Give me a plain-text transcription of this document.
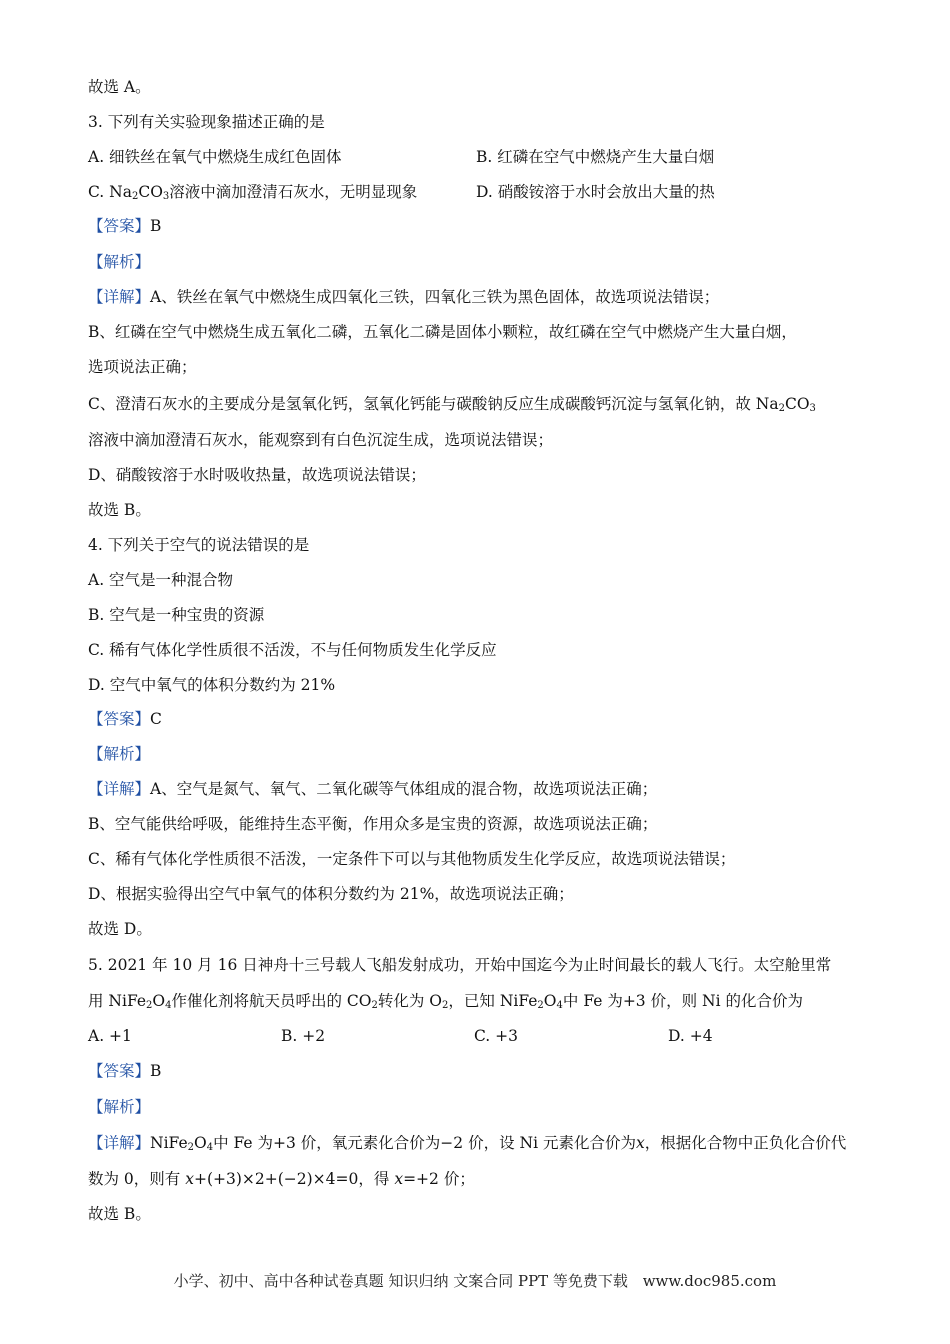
故选 A。
3. 下列有关实验现象描述正确的是
A. 细铁丝在氧气中燃烧生成红色固体	B. 红磷在空气中燃烧产生大量白烟
C. $Na_2CO_3$溶液中滴加澄清石灰水，无明显现象	D. 硝酸铵溶于水时会放出大量的热
【答案】B
【解析】
【详解】A、铁丝在氧气中燃烧生成四氧化三铁，四氧化三铁为黑色固体，故选项说法错误；
B、红磷在空气中燃烧生成五氧化二磷，五氧化二磷是固体小颗粒，故红磷在空气中燃烧产生大量白烟，
选项说法正确；
C、澄清石灰水的主要成分是氢氧化钙，氢氧化钙能与碳酸钠反应生成碳酸钙沉淀与氢氧化钠，故 $Na_2CO_3$
溶液中滴加澄清石灰水，能观察到有白色沉淀生成，选项说法错误；
D、硝酸铵溶于水时吸收热量，故选项说法错误；
故选 B。
4. 下列关于空气的说法错误的是
A. 空气是一种混合物
B. 空气是一种宝贵的资源
C. 稀有气体化学性质很不活泼，不与任何物质发生化学反应
D. 空气中氧气的体积分数约为 21%
【答案】C
【解析】
【详解】A、空气是氮气、氧气、二氧化碳等气体组成的混合物，故选项说法正确；
B、空气能供给呼吸，能维持生态平衡，作用众多是宝贵的资源，故选项说法正确；
C、稀有气体化学性质很不活泼，一定条件下可以与其他物质发生化学反应，故选项说法错误；
D、根据实验得出空气中氧气的体积分数约为 21%，故选项说法正确；
故选 D。
5. 2021 年 10 月 16 日神舟十三号载人飞船发射成功，开始中国迄今为止时间最长的载人飞行。太空舱里常
用 $NiFe_2O_4$作催化剂将航天员呼出的 $CO_2$转化为 $O_2$，已知 $NiFe_2O_4$中 Fe 为+3 价，则 Ni 的化合价为
A. +1	B. +2	C. +3	D. +4
【答案】B
【解析】
【详解】$NiFe_2O_4$中 Fe 为+3 价，氧元素化合价为−2 价，设 Ni 元素化合价为x，根据化合物中正负化合价代
数为 0，则有 x+(+3)×2+(−2)×4=0，得 x=+2 价；
故选 B。
小学、初中、高中各种试卷真题 知识归纳 文案合同 PPT 等免费下载 www.doc985.com
